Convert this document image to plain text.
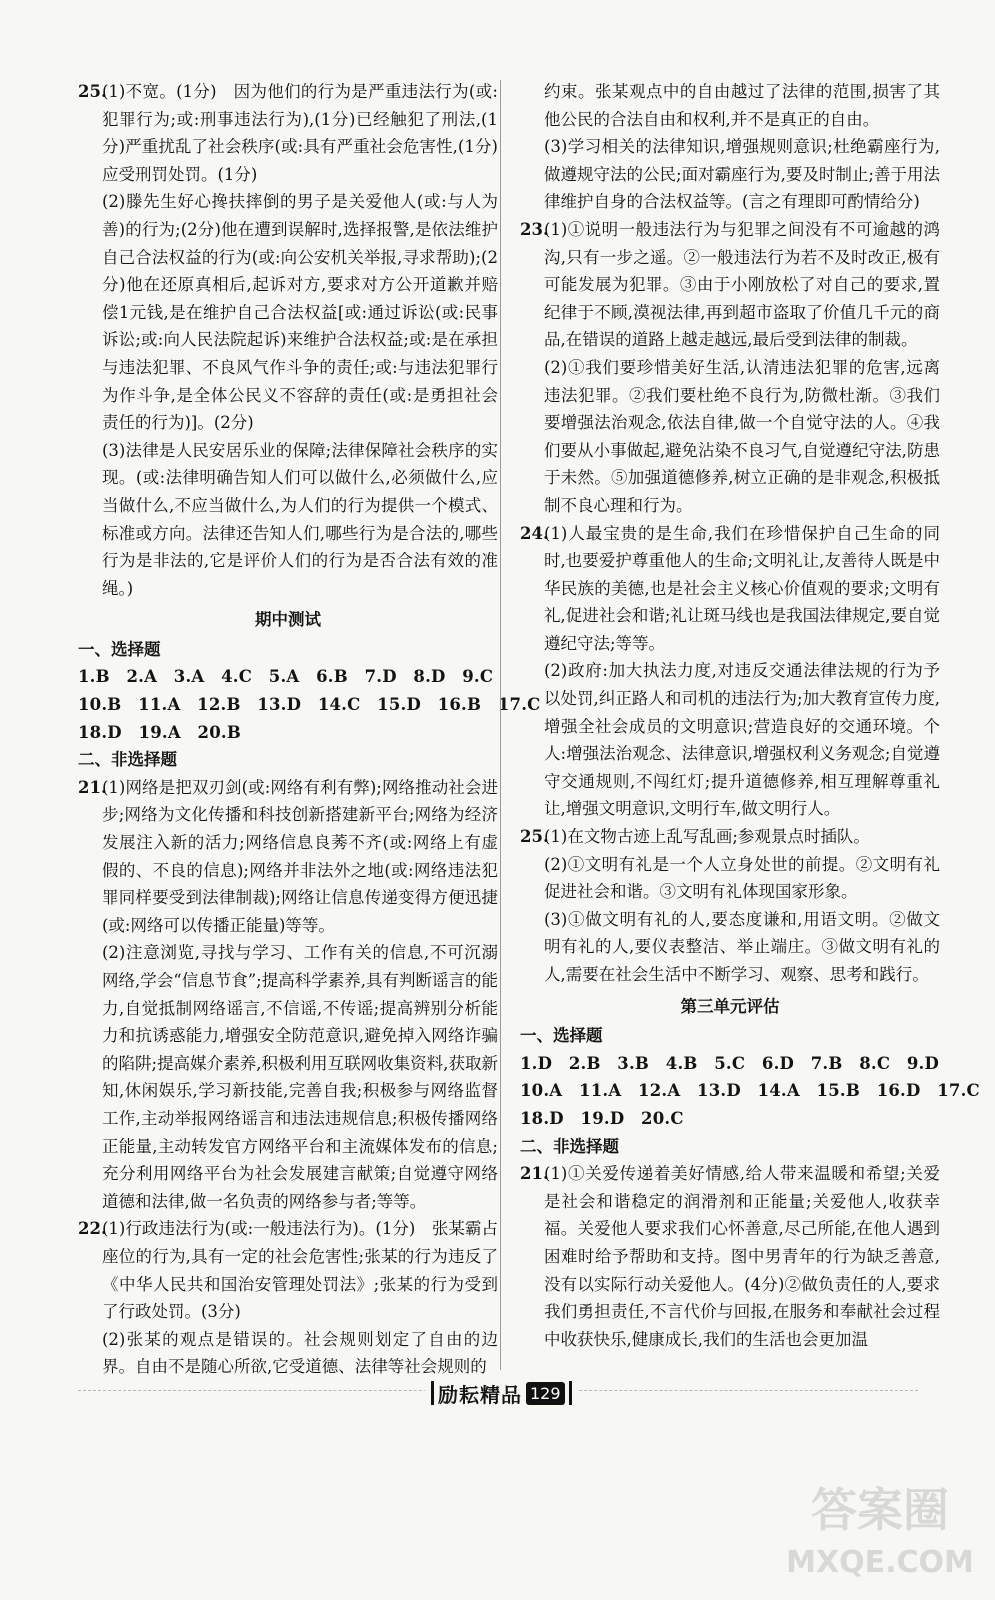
25.

(1)不宽。(1分)　因为他们的行为是严重违法行为(或:犯罪行为;或:刑事违法行为),(1分)已经触犯了刑法,(1分)严重扰乱了社会秩序(或:具有严重社会危害性,(1分)应受刑罚处罚。(1分)

(2)滕先生好心搀扶摔倒的男子是关爱他人(或:与人为善)的行为;(2分)他在遭到误解时,选择报警,是依法维护自己合法权益的行为(或:向公安机关举报,寻求帮助);(2分)他在还原真相后,起诉对方,要求对方公开道歉并赔偿1元钱,是在维护自己合法权益[或:通过诉讼(或:民事诉讼;或:向人民法院起诉)来维护合法权益;或:是在承担与违法犯罪、不良风气作斗争的责任;或:与违法犯罪行为作斗争,是全体公民义不容辞的责任(或:是勇担社会责任的行为)]。(2分)

(3)法律是人民安居乐业的保障;法律保障社会秩序的实现。(或:法律明确告知人们可以做什么,必须做什么,应当做什么,不应当做什么,为人们的行为提供一个模式、标准或方向。法律还告知人们,哪些行为是合法的,哪些行为是非法的,它是评价人们的行为是否合法有效的准绳。)

期中测试
一、选择题
1.B　2.A　3.A　4.C　5.A　6.B　7.D　8.D　9.C
10.B　11.A　12.B　13.D　14.C　15.D　16.B　17.C
18.D　19.A　20.B
二、非选择题
21.

(1)网络是把双刃剑(或:网络有利有弊);网络推动社会进步;网络为文化传播和科技创新搭建新平台;网络为经济发展注入新的活力;网络信息良莠不齐(或:网络上有虚假的、不良的信息);网络并非法外之地(或:网络违法犯罪同样要受到法律制裁);网络让信息传递变得方便迅捷(或:网络可以传播正能量)等等。

(2)注意浏览,寻找与学习、工作有关的信息,不可沉溺网络,学会“信息节食”;提高科学素养,具有判断谣言的能力,自觉抵制网络谣言,不信谣,不传谣;提高辨别分析能力和抗诱惑能力,增强安全防范意识,避免掉入网络诈骗的陷阱;提高媒介素养,积极利用互联网收集资料,获取新知,休闲娱乐,学习新技能,完善自我;积极参与网络监督工作,主动举报网络谣言和违法违规信息;积极传播网络正能量,主动转发官方网络平台和主流媒体发布的信息;充分利用网络平台为社会发展建言献策;自觉遵守网络道德和法律,做一名负责的网络参与者;等等。

22.

(1)行政违法行为(或:一般违法行为)。(1分)　张某霸占座位的行为,具有一定的社会危害性;张某的行为违反了《中华人民共和国治安管理处罚法》;张某的行为受到了行政处罚。(3分)

(2)张某的观点是错误的。社会规则划定了自由的边界。自由不是随心所欲,它受道德、法律等社会规则的

约束。张某观点中的自由越过了法律的范围,损害了其他公民的合法自由和权利,并不是真正的自由。

(3)学习相关的法律知识,增强规则意识;杜绝霸座行为,做遵规守法的公民;面对霸座行为,要及时制止;善于用法律维护自身的合法权益等。(言之有理即可酌情给分)

23.

(1)①说明一般违法行为与犯罪之间没有不可逾越的鸿沟,只有一步之遥。②一般违法行为若不及时改正,极有可能发展为犯罪。③由于小刚放松了对自己的要求,置纪律于不顾,漠视法律,再到超市盗取了价值几千元的商品,在错误的道路上越走越远,最后受到法律的制裁。

(2)①我们要珍惜美好生活,认清违法犯罪的危害,远离违法犯罪。②我们要杜绝不良行为,防微杜渐。③我们要增强法治观念,依法自律,做一个自觉守法的人。④我们要从小事做起,避免沾染不良习气,自觉遵纪守法,防患于未然。⑤加强道德修养,树立正确的是非观念,积极抵制不良心理和行为。

24.

(1)人最宝贵的是生命,我们在珍惜保护自己生命的同时,也要爱护尊重他人的生命;文明礼让,友善待人既是中华民族的美德,也是社会主义核心价值观的要求;文明有礼,促进社会和谐;礼让斑马线也是我国法律规定,要自觉遵纪守法;等等。

(2)政府:加大执法力度,对违反交通法律法规的行为予以处罚,纠正路人和司机的违法行为;加大教育宣传力度,增强全社会成员的文明意识;营造良好的交通环境。个人:增强法治观念、法律意识,增强权利义务观念;自觉遵守交通规则,不闯红灯;提升道德修养,相互理解尊重礼让,增强文明意识,文明行车,做文明行人。

25.

(1)在文物古迹上乱写乱画;参观景点时插队。

(2)①文明有礼是一个人立身处世的前提。②文明有礼促进社会和谐。③文明有礼体现国家形象。

(3)①做文明有礼的人,要态度谦和,用语文明。②做文明有礼的人,要仪表整洁、举止端庄。③做文明有礼的人,需要在社会生活中不断学习、观察、思考和践行。

第三单元评估
一、选择题
1.D　2.B　3.B　4.B　5.C　6.D　7.B　8.C　9.D
10.A　11.A　12.A　13.D　14.A　15.B　16.D　17.C
18.D　19.D　20.C
二、非选择题
21.

(1)①关爱传递着美好情感,给人带来温暖和希望;关爱是社会和谐稳定的润滑剂和正能量;关爱他人,收获幸福。关爱他人要求我们心怀善意,尽己所能,在他人遇到困难时给予帮助和支持。图中男青年的行为缺乏善意,没有以实际行动关爱他人。(4分)②做负责任的人,要求我们勇担责任,不言代价与回报,在服务和奉献社会过程中收获快乐,健康成长,我们的生活也会更加温

励耘精品 129
答案圈
MXQE.COM
